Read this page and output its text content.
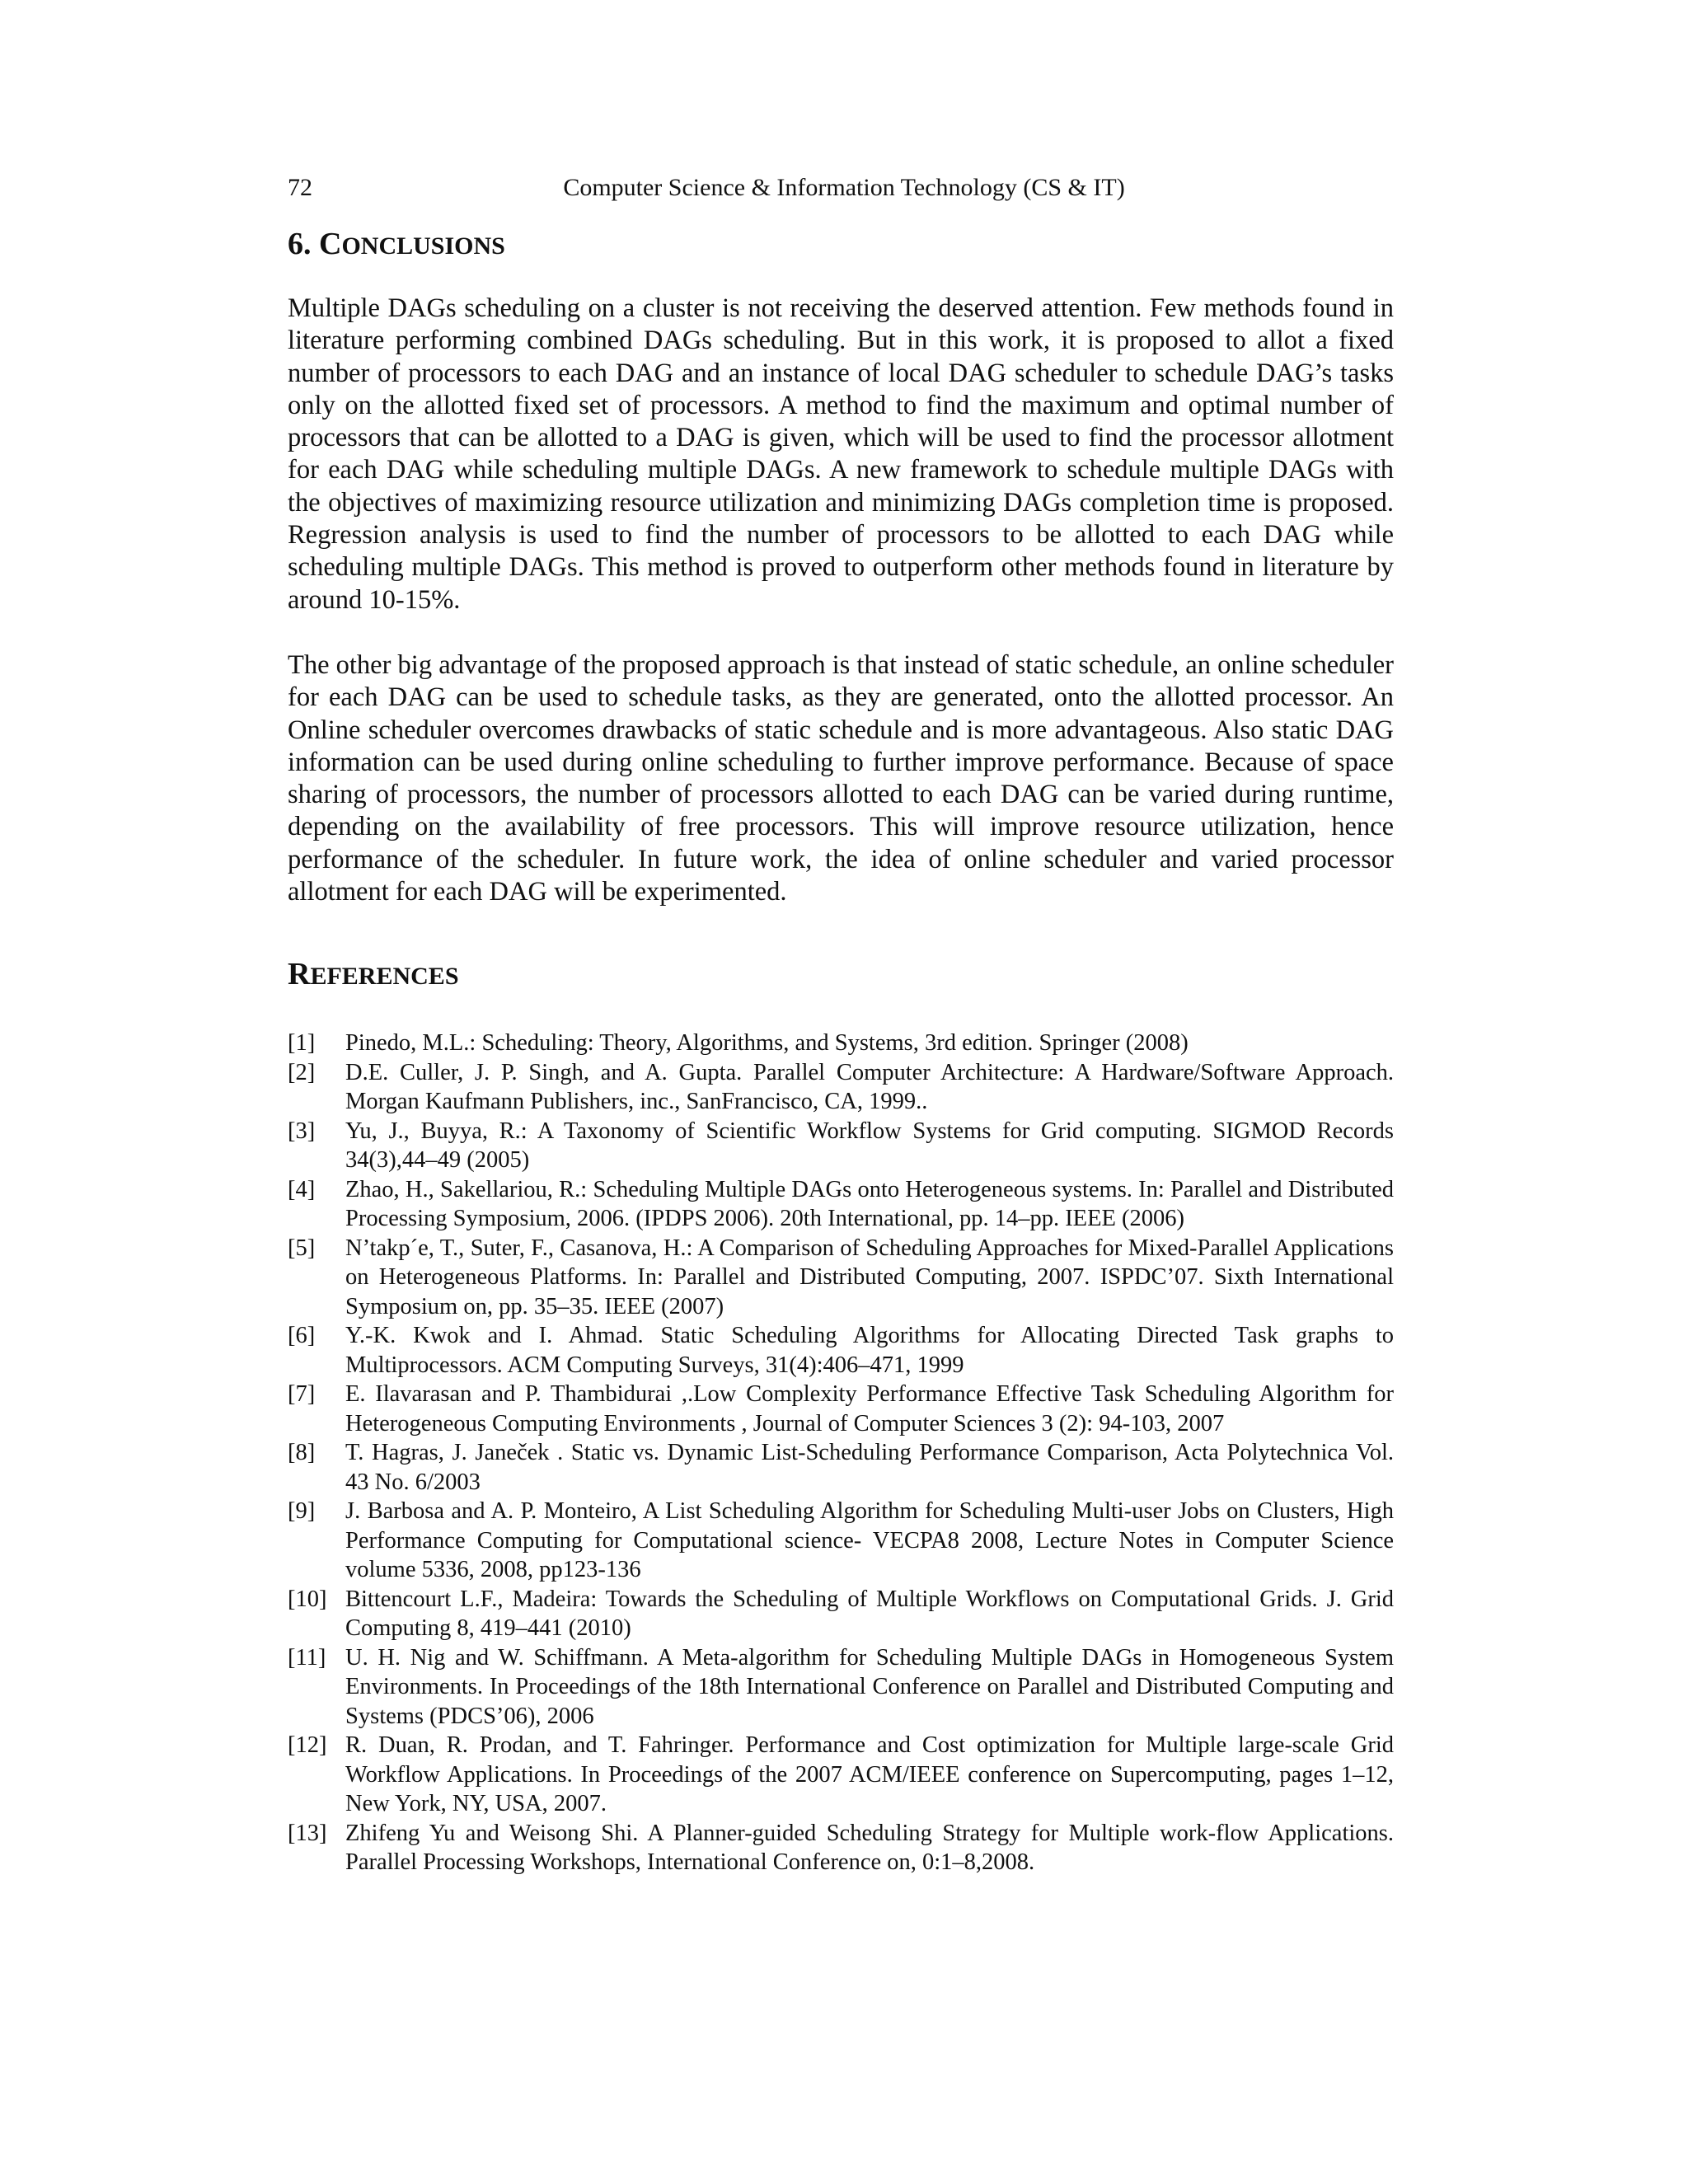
72	Computer Science & Information Technology (CS & IT)
6. CONCLUSIONS

Multiple DAGs scheduling on a cluster is not receiving the deserved attention. Few methods found in literature performing combined DAGs scheduling. But in this work, it is proposed to allot a fixed number of processors to each DAG and an instance of local DAG scheduler to schedule DAG’s tasks only on the allotted fixed set of processors. A method to find the maximum and optimal number of processors that can be allotted to a DAG is given, which will be used to find the processor allotment for each DAG while scheduling multiple DAGs. A new framework to schedule multiple DAGs with the objectives of maximizing resource utilization and minimizing DAGs completion time is proposed. Regression analysis is used to find the number of processors to be allotted to each DAG while scheduling multiple DAGs. This method is proved to outperform other methods found in literature by around 10-15%.

The other big advantage of the proposed approach is that instead of static schedule, an online scheduler for each DAG can be used to schedule tasks, as they are generated, onto the allotted processor. An Online scheduler overcomes drawbacks of static schedule and is more advantageous. Also static DAG information can be used during online scheduling to further improve performance. Because of space sharing of processors, the number of processors allotted to each DAG can be varied during runtime, depending on the availability of free processors. This will improve resource utilization, hence performance of the scheduler. In future work, the idea of online scheduler and varied processor allotment for each DAG will be experimented.

REFERENCES
[1] Pinedo, M.L.: Scheduling: Theory, Algorithms, and Systems, 3rd edition. Springer (2008)
[2] D.E. Culler, J. P. Singh, and A. Gupta. Parallel Computer Architecture: A Hardware/Software Approach. Morgan Kaufmann Publishers, inc., SanFrancisco, CA, 1999..
[3] Yu, J., Buyya, R.: A Taxonomy of Scientific Workflow Systems for Grid computing. SIGMOD Records 34(3),44–49 (2005)
[4] Zhao, H., Sakellariou, R.: Scheduling Multiple DAGs onto Heterogeneous systems. In: Parallel and Distributed Processing Symposium, 2006. (IPDPS 2006). 20th International, pp. 14–pp. IEEE (2006)
[5] N’takp´e, T., Suter, F., Casanova, H.: A Comparison of Scheduling Approaches for Mixed-Parallel Applications on Heterogeneous Platforms. In: Parallel and Distributed Computing, 2007. ISPDC’07. Sixth International Symposium on, pp. 35–35. IEEE (2007)
[6] Y.-K. Kwok and I. Ahmad. Static Scheduling Algorithms for Allocating Directed Task graphs to Multiprocessors. ACM Computing Surveys, 31(4):406–471, 1999
[7] E. Ilavarasan and P. Thambidurai ,.Low Complexity Performance Effective Task Scheduling Algorithm for Heterogeneous Computing Environments , Journal of Computer Sciences 3 (2): 94-103, 2007
[8] T. Hagras, J. Janeček . Static vs. Dynamic List-Scheduling Performance Comparison, Acta Polytechnica Vol. 43 No. 6/2003
[9] J. Barbosa and A. P. Monteiro, A List Scheduling Algorithm for Scheduling Multi-user Jobs on Clusters, High Performance Computing for Computational science- VECPA8 2008, Lecture Notes in Computer Science volume 5336, 2008, pp123-136
[10] Bittencourt L.F., Madeira: Towards the Scheduling of Multiple Workflows on Computational Grids. J. Grid Computing 8, 419–441 (2010)
[11] U. H. Nig and W. Schiffmann. A Meta-algorithm for Scheduling Multiple DAGs in Homogeneous System Environments. In Proceedings of the 18th International Conference on Parallel and Distributed Computing and Systems (PDCS’06), 2006
[12] R. Duan, R. Prodan, and T. Fahringer. Performance and Cost optimization for Multiple large-scale Grid Workflow Applications. In Proceedings of the 2007 ACM/IEEE conference on Supercomputing, pages 1–12, New York, NY, USA, 2007.
[13] Zhifeng Yu and Weisong Shi. A Planner-guided Scheduling Strategy for Multiple work-flow Applications. Parallel Processing Workshops, International Conference on, 0:1–8,2008.
